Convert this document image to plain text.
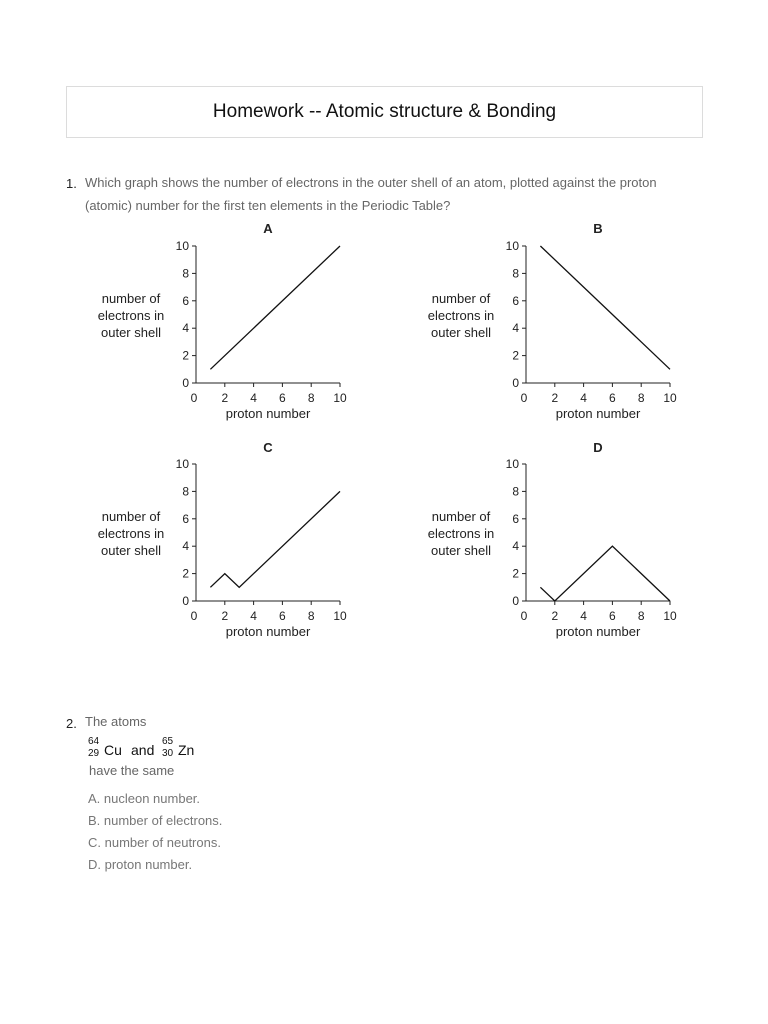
Homework -- Atomic structure & Bonding
1. Which graph shows the number of electrons in the outer shell of an atom, plotted against the proton
(atomic) number for the first ten elements in the Periodic Table?
A
0
2
4
6
8
10
0 2 4 6 8 10
proton number
number of
electrons in
outer shell
B
0
2
4
6
8
10
0 2 4 6 8 10
proton number
number of
electrons in
outer shell
C
0
2
4
6
8
10
0 2 4 6 8 10
proton number
number of
electrons in
outer shell
D
0
2
4
6
8
10
0 2 4 6 8 10
proton number
number of
electrons in
outer shell
2. The atoms
64
29 Cu and
65
30 Zn
have the same
A. nucleon number.
B. number of electrons.
C. number of neutrons.
D. proton number.
